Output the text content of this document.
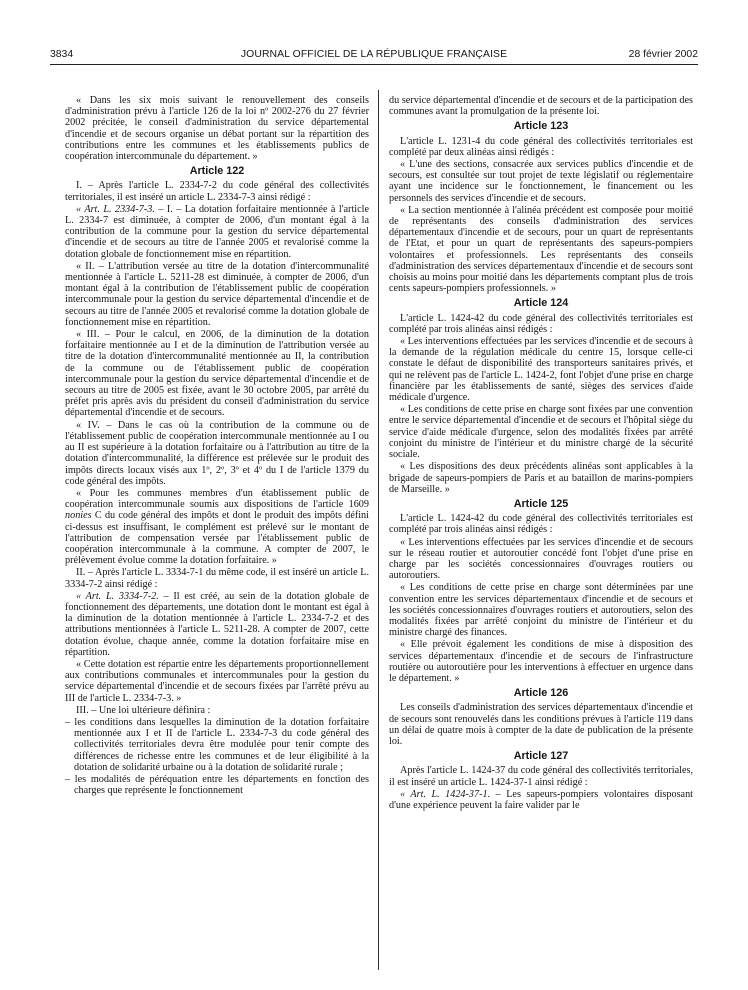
3834	JOURNAL OFFICIEL DE LA RÉPUBLIQUE FRANÇAISE	28 février 2002

« Dans les six mois suivant le renouvellement des conseils d'administration prévu à l'article 126 de la loi nº 2002-276 du 27 février 2002 précitée, le conseil d'administration du service départemental d'incendie et de secours organise un débat portant sur la répartition des contributions entre les communes et les établissements publics de coopération intercommunale du département. »

Article 122

I. – Après l'article L. 2334-7-2 du code général des collectivités territoriales, il est inséré un article L. 2334-7-3 ainsi rédigé :

« Art. L. 2334-7-3. – I. – La dotation forfaitaire mentionnée à l'article L. 2334-7 est diminuée, à compter de 2006, d'un montant égal à la contribution de la commune pour la gestion du service départemental d'incendie et de secours au titre de l'année 2005 et revalorisé comme la dotation globale de fonctionnement mise en répartition.

« II. – L'attribution versée au titre de la dotation d'intercommunalité mentionnée à l'article L. 5211-28 est diminuée, à compter de 2006, d'un montant égal à la contribution de l'établissement public de coopération intercommunale pour la gestion du service départemental d'incendie et de secours au titre de l'année 2005 et revalorisé comme la dotation globale de fonctionnement mise en répartition.

« III. – Pour le calcul, en 2006, de la diminution de la dotation forfaitaire mentionnée au I et de la diminution de l'attribution versée au titre de la dotation d'intercommunalité mentionnée au II, la contribution de la commune ou de l'établissement public de coopération intercommunale pour la gestion du service départemental d'incendie et de secours au titre de 2005 est fixée, avant le 30 octobre 2005, par arrêté du préfet pris après avis du président du conseil d'administration du service départemental d'incendie et de secours.

« IV. – Dans le cas où la contribution de la commune ou de l'établissement public de coopération intercommunale mentionnée au I ou au II est supérieure à la dotation forfaitaire ou à l'attribution au titre de la dotation d'intercommunalité, la différence est prélevée sur le produit des impôts directs locaux visés aux 1º, 2º, 3º et 4º du I de l'article 1379 du code général des impôts.

« Pour les communes membres d'un établissement public de coopération intercommunale soumis aux dispositions de l'article 1609 nonies C du code général des impôts et dont le produit des impôts défini ci-dessus est insuffisant, le complément est prélevé sur le montant de l'attribution de compensation versée par l'établissement public de coopération intercommunale à la commune. A compter de 2007, le prélèvement évolue comme la dotation forfaitaire. »

II. – Après l'article L. 3334-7-1 du même code, il est inséré un article L. 3334-7-2 ainsi rédigé :

« Art. L. 3334-7-2. – Il est créé, au sein de la dotation globale de fonctionnement des départements, une dotation dont le montant est égal à la diminution de la dotation mentionnée à l'article L. 2334-7-2 et des attributions mentionnées à l'article L. 5211-28. A compter de 2007, cette dotation évolue, chaque année, comme la dotation forfaitaire mise en répartition.

« Cette dotation est répartie entre les départements proportionnellement aux contributions communales et intercommunales pour la gestion du service départemental d'incendie et de secours fixées par l'arrêté prévu au III de l'article L. 2334-7-3. »

III. – Une loi ultérieure définira :

– les conditions dans lesquelles la diminution de la dotation forfaitaire mentionnée aux I et II de l'article L. 2334-7-3 du code général des collectivités territoriales devra être modulée pour tenir compte des différences de richesse entre les communes et de leur éligibilité à la dotation de solidarité urbaine ou à la dotation de solidarité rurale ;

– les modalités de péréquation entre les départements en fonction des charges que représente le fonctionnement

du service départemental d'incendie et de secours et de la participation des communes avant la promulgation de la présente loi.

Article 123

L'article L. 1231-4 du code général des collectivités territoriales est complété par deux alinéas ainsi rédigés :

« L'une des sections, consacrée aux services publics d'incendie et de secours, est consultée sur tout projet de texte législatif ou réglementaire ayant une incidence sur le fonctionnement, le financement ou les personnels des services d'incendie et de secours.

« La section mentionnée à l'alinéa précédent est composée pour moitié de représentants des conseils d'administration des services départementaux d'incendie et de secours, pour un quart de représentants de l'Etat, et pour un quart de représentants des sapeurs-pompiers volontaires et professionnels. Les représentants des conseils d'administration des services départementaux d'incendie et de secours sont choisis au moins pour moitié dans les départements comptant plus de trois cents sapeurs-pompiers professionnels. »

Article 124

L'article L. 1424-42 du code général des collectivités territoriales est complété par trois alinéas ainsi rédigés :

« Les interventions effectuées par les services d'incendie et de secours à la demande de la régulation médicale du centre 15, lorsque celle-ci constate le défaut de disponibilité des transporteurs sanitaires privés, et qui ne relèvent pas de l'article L. 1424-2, font l'objet d'une prise en charge financière par les établissements de santé, sièges des services d'aide médicale d'urgence.

« Les conditions de cette prise en charge sont fixées par une convention entre le service départemental d'incendie et de secours et l'hôpital siège du service d'aide médicale d'urgence, selon des modalités fixées par arrêté conjoint du ministre de l'intérieur et du ministre chargé de la sécurité sociale.

« Les dispositions des deux précédents alinéas sont applicables à la brigade de sapeurs-pompiers de Paris et au bataillon de marins-pompiers de Marseille. »

Article 125

L'article L. 1424-42 du code général des collectivités territoriales est complété par trois alinéas ainsi rédigés :

« Les interventions effectuées par les services d'incendie et de secours sur le réseau routier et autoroutier concédé font l'objet d'une prise en charge par les sociétés concessionnaires d'ouvrages routiers ou autoroutiers.

« Les conditions de cette prise en charge sont déterminées par une convention entre les services départementaux d'incendie et de secours et les sociétés concessionnaires d'ouvrages routiers et autoroutiers, selon des modalités fixées par arrêté conjoint du ministre de l'intérieur et du ministre chargé des finances.

« Elle prévoit également les conditions de mise à disposition des services départementaux d'incendie et de secours de l'infrastructure routière ou autoroutière pour les interventions à effectuer en urgence dans le département. »

Article 126

Les conseils d'administration des services départementaux d'incendie et de secours sont renouvelés dans les conditions prévues à l'article 119 dans un délai de quatre mois à compter de la date de publication de la présente loi.

Article 127

Après l'article L. 1424-37 du code général des collectivités territoriales, il est inséré un article L. 1424-37-1 ainsi rédigé :

« Art. L. 1424-37-1. – Les sapeurs-pompiers volontaires disposant d'une expérience peuvent la faire valider par le
